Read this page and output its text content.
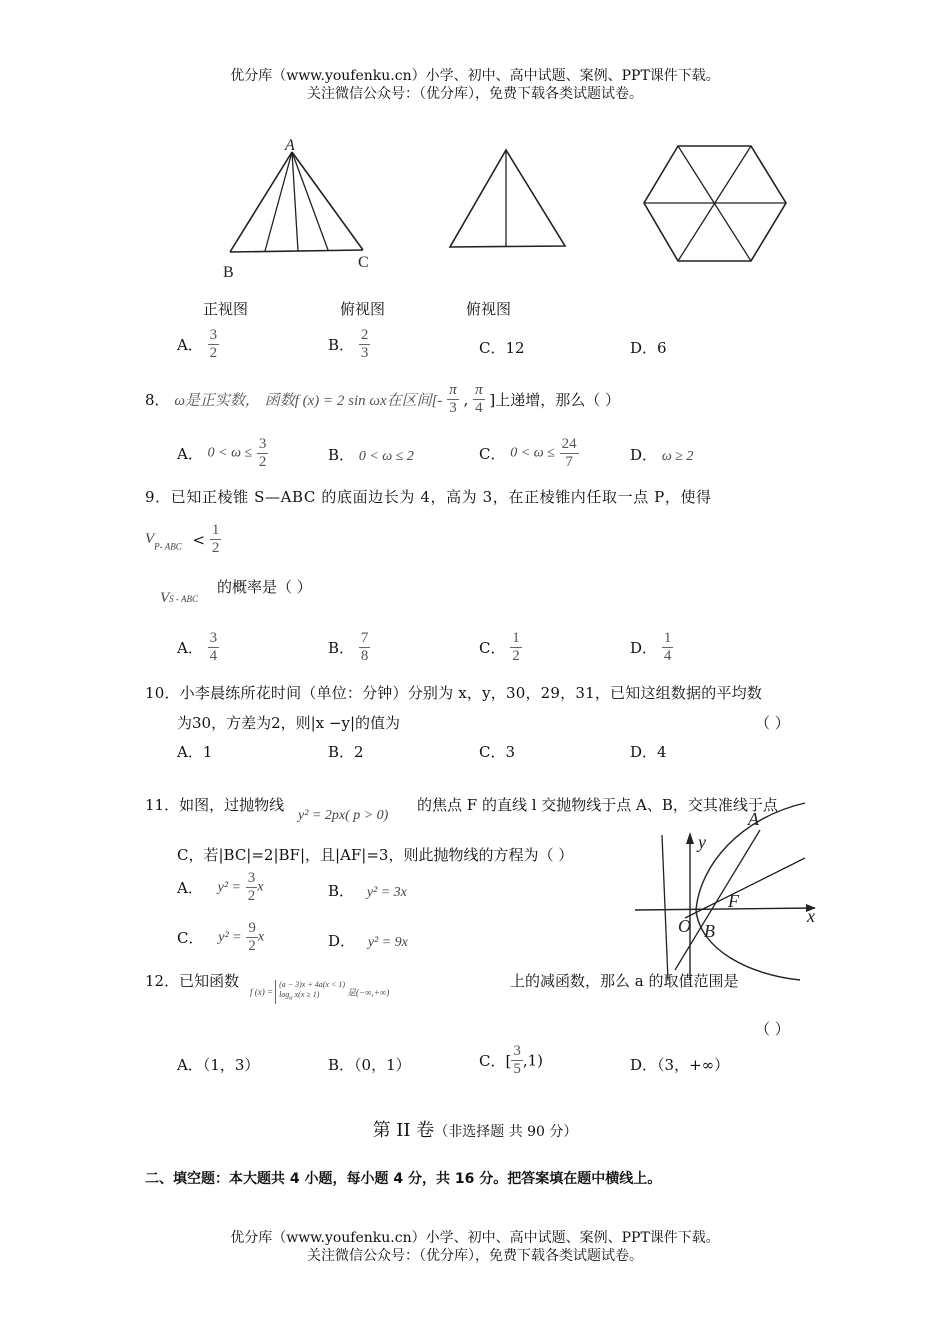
优分库（www.youfenku.cn）小学、初中、高中试题、案例、PPT课件下载。
关注微信公众号：（优分库），免费下载各类试题试卷。
A
B
C
正视图	俯视图	俯视图
A． $\frac{3}{2}$	B． $\frac{2}{3}$	C．12	D．6
8． ω是正实数， 函数f (x) = 2 sin ωx在区间[- $\frac{\pi}{3}$ , $\frac{\pi}{4}$ ]上递增，那么（ ）
A． $0 < \omega \le \frac{3}{2}$	B． 0 < ω ≤ 2	C． $0 < \omega \le \frac{24}{7}$	D． ω ≥ 2
9．已知正棱锥 S—ABC 的底面边长为 4，高为 3，在正棱锥内任取一点 P，使得
$V_{P- ABC} < \frac{1}{2}$
VS - ABC
的概率是（ ）
A． $\frac{3}{4}$	B． $\frac{7}{8}$	C． $\frac{1}{2}$	D． $\frac{1}{4}$
10．小李晨练所花时间（单位：分钟）分别为 x，y，30，29，31，已知这组数据的平均数
为30，方差为2，则|x −y|的值为	（ ）
A．1	B．2	C．3	D．4
11．如图，过抛物线
y² = 2px( p > 0)
的焦点 F 的直线 l 交抛物线于点 A、B，交其准线于点
C，若|BC|=2|BF|，且|AF|=3，则此抛物线的方程为（ ）
y
A
F
O B
x
A． $y^2 = \frac{3}{2}$ x	B． y² = 3x
C． $y^2 = \frac{9}{2}$ x	D． y² = 9x
12．已知函数
f (x) =
(a − 3)x + 4a(x < 1)
$\log_a x(x \ge 1)$	是(−∞,+∞)
上的减函数，那么 a 的取值范围是
（ ）
A．（1，3）	B．（0，1）	C．[ $\frac{3}{5} ,1$)	D．（3，+∞）
第 II 卷（非选择题 共 90 分）
二、填空题：本大题共 4 小题，每小题 4 分，共 16 分。把答案填在题中横线上。
优分库（www.youfenku.cn）小学、初中、高中试题、案例、PPT课件下载。
关注微信公众号：（优分库），免费下载各类试题试卷。
